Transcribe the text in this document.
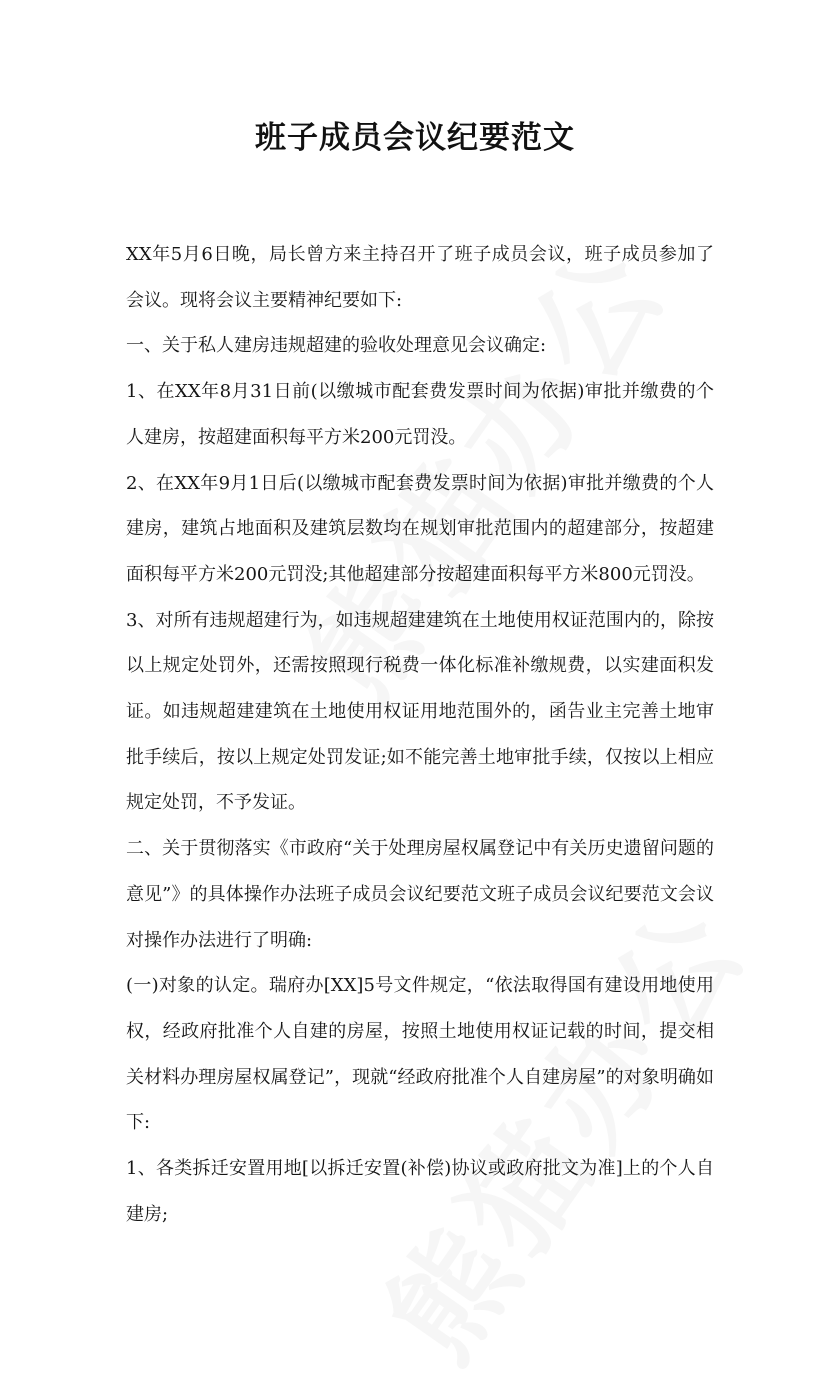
班子成员会议纪要范文

XX年5月6日晚，局长曾方来主持召开了班子成员会议，班子成员参加了会议。现将会议主要精神纪要如下:

一、关于私人建房违规超建的验收处理意见会议确定:

1、在XX年8月31日前(以缴城市配套费发票时间为依据)审批并缴费的个人建房，按超建面积每平方米200元罚没。

2、在XX年9月1日后(以缴城市配套费发票时间为依据)审批并缴费的个人建房，建筑占地面积及建筑层数均在规划审批范围内的超建部分，按超建面积每平方米200元罚没;其他超建部分按超建面积每平方米800元罚没。

3、对所有违规超建行为，如违规超建建筑在土地使用权证范围内的，除按以上规定处罚外，还需按照现行税费一体化标准补缴规费，以实建面积发证。如违规超建建筑在土地使用权证用地范围外的，函告业主完善土地审批手续后，按以上规定处罚发证;如不能完善土地审批手续，仅按以上相应规定处罚，不予发证。

二、关于贯彻落实《市政府“关于处理房屋权属登记中有关历史遗留问题的意见”》的具体操作办法班子成员会议纪要范文班子成员会议纪要范文会议对操作办法进行了明确:

(一)对象的认定。瑞府办[XX]5号文件规定，“依法取得国有建设用地使用权，经政府批准个人自建的房屋，按照土地使用权证记载的时间，提交相关材料办理房屋权属登记”，现就“经政府批准个人自建房屋”的对象明确如下:

1、各类拆迁安置用地[以拆迁安置(补偿)协议或政府批文为准]上的个人自建房;
